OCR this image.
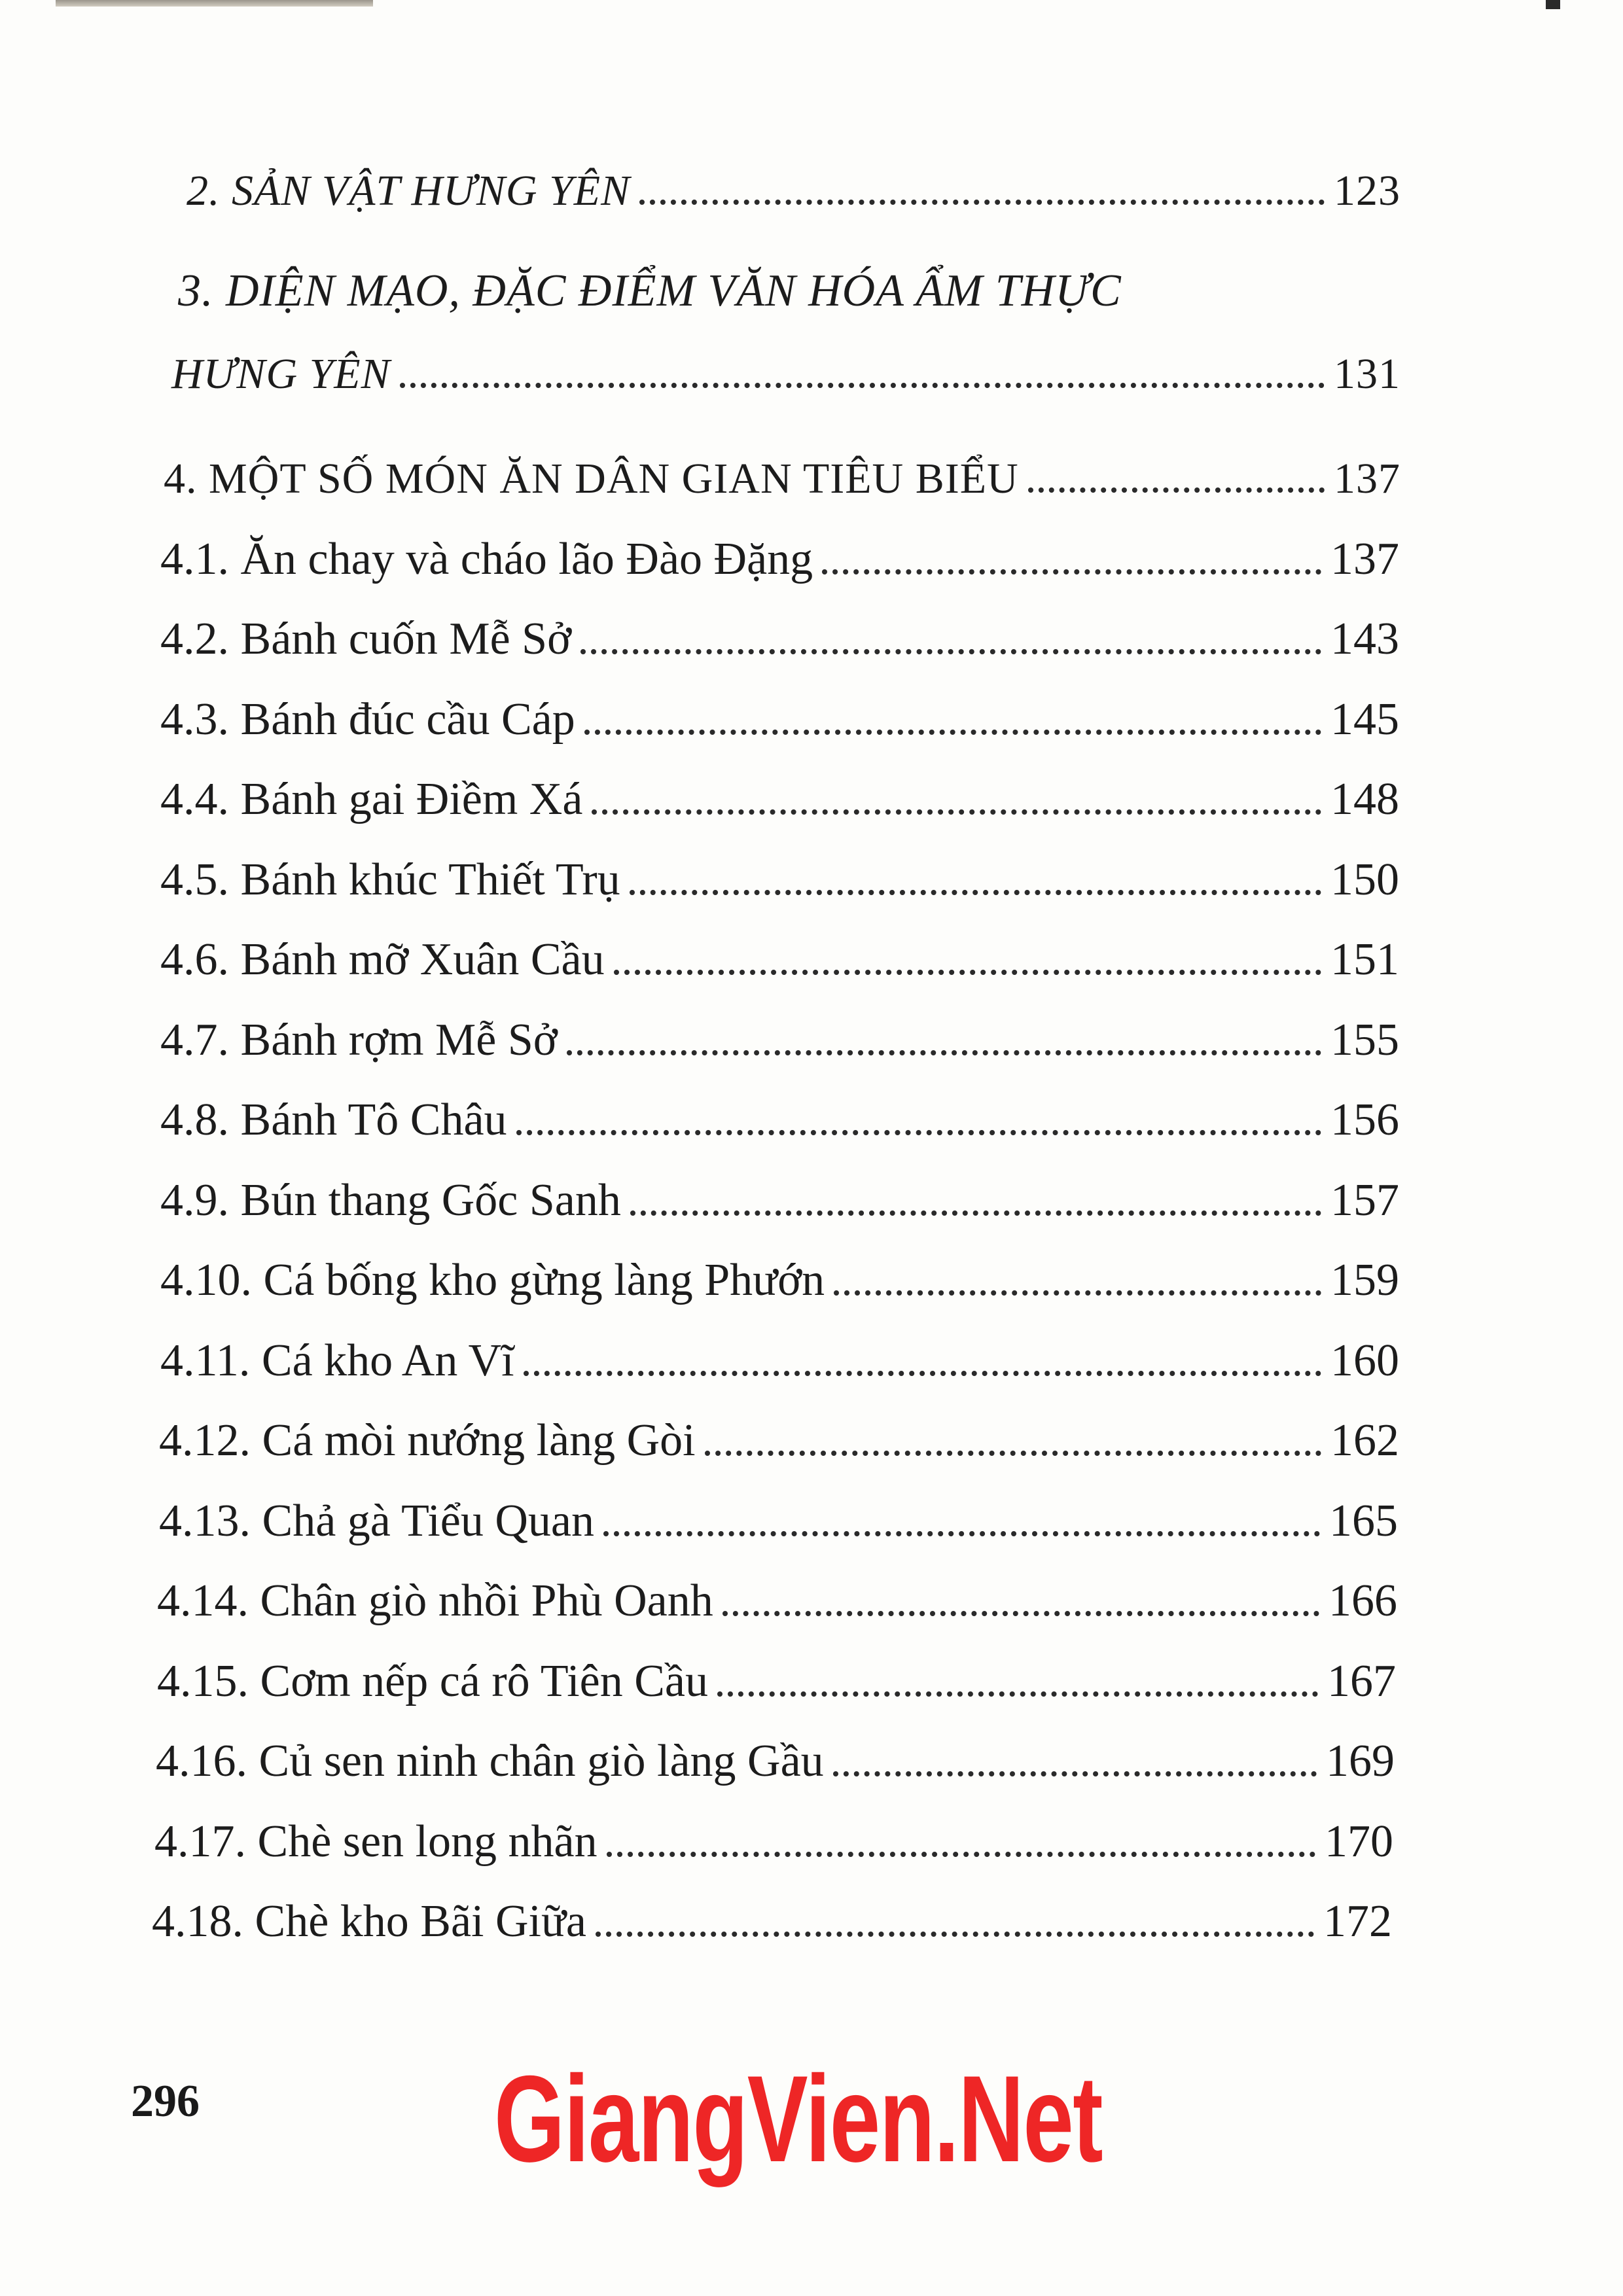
2. SẢN VẬT HƯNG YÊN	123
3. DIỆN MẠO, ĐẶC ĐIỂM VĂN HÓA ẨM THỰC
HƯNG YÊN	131
4. MỘT SỐ MÓN ĂN DÂN GIAN TIÊU BIỂU	137
4.1. Ăn chay và cháo lão Đào Đặng	137
4.2. Bánh cuốn Mễ Sở	143
4.3. Bánh đúc cầu Cáp	145
4.4. Bánh gai Điềm Xá	148
4.5. Bánh khúc Thiết Trụ	150
4.6. Bánh mỡ Xuân Cầu	151
4.7. Bánh rợm Mễ Sở	155
4.8. Bánh Tô Châu	156
4.9. Bún thang Gốc Sanh	157
4.10. Cá bống kho gừng làng Phướn	159
4.11. Cá kho An Vĩ	160
4.12. Cá mòi nướng làng Gòi	162
4.13. Chả gà Tiểu Quan	165
4.14. Chân giò nhồi Phù Oanh	166
4.15. Cơm nếp cá rô Tiên Cầu	167
4.16. Củ sen ninh chân giò làng Gầu	169
4.17. Chè sen long nhãn	170
4.18. Chè kho Bãi Giữa	172
296 GiangVien.Net
